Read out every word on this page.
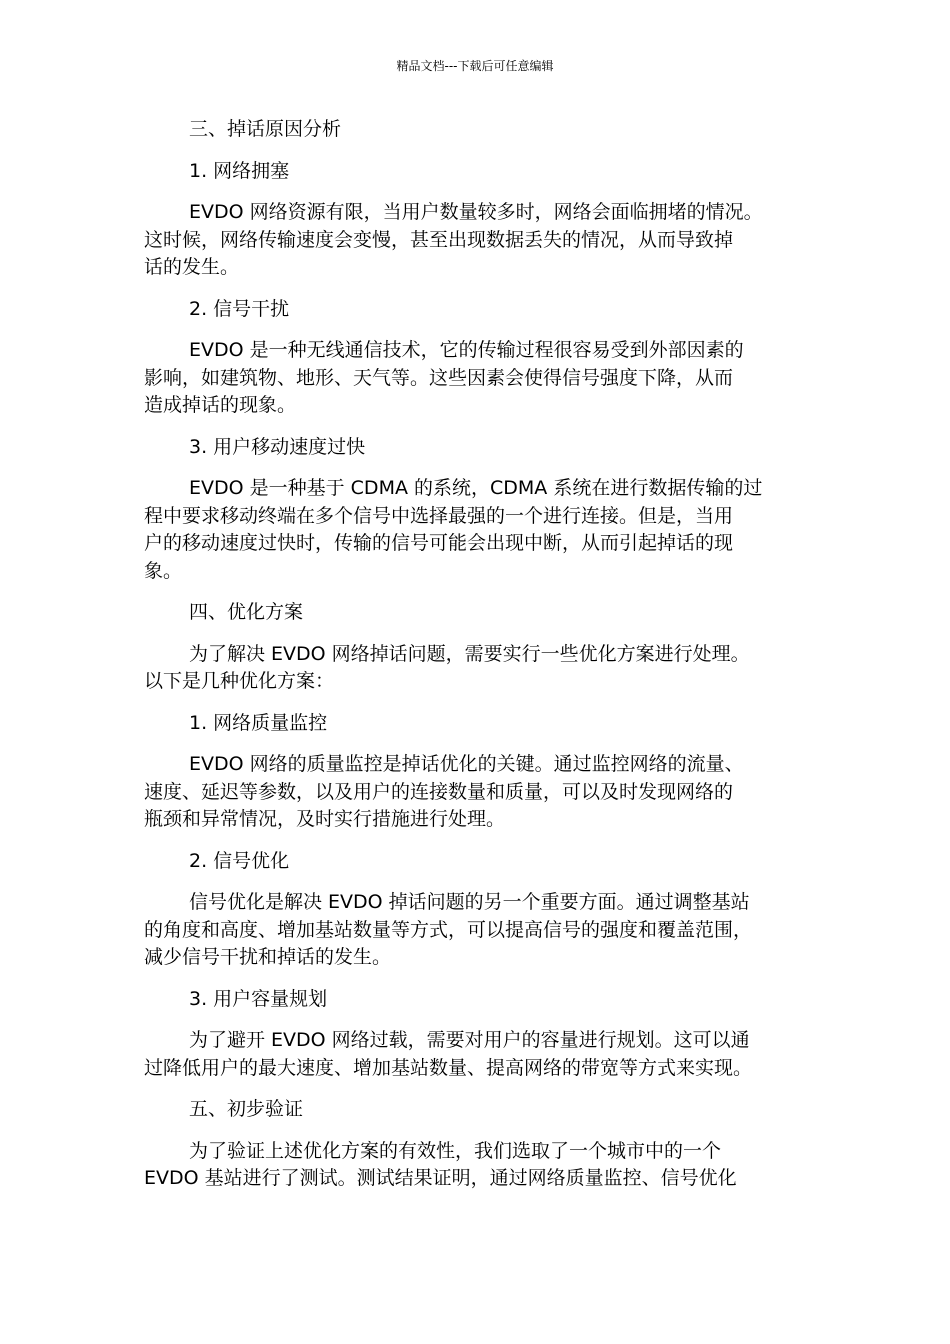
精品文档---下载后可任意编辑

三、掉话原因分析

1. 网络拥塞

EVDO 网络资源有限，当用户数量较多时，网络会面临拥堵的情况。
这时候，网络传输速度会变慢，甚至出现数据丢失的情况，从而导致掉
话的发生。

2. 信号干扰

EVDO 是一种无线通信技术，它的传输过程很容易受到外部因素的
影响，如建筑物、地形、天气等。这些因素会使得信号强度下降，从而
造成掉话的现象。

3. 用户移动速度过快

EVDO 是一种基于 CDMA 的系统，CDMA 系统在进行数据传输的过
程中要求移动终端在多个信号中选择最强的一个进行连接。但是，当用
户的移动速度过快时，传输的信号可能会出现中断，从而引起掉话的现
象。

四、优化方案

为了解决 EVDO 网络掉话问题，需要实行一些优化方案进行处理。
以下是几种优化方案：

1. 网络质量监控

EVDO 网络的质量监控是掉话优化的关键。通过监控网络的流量、
速度、延迟等参数，以及用户的连接数量和质量，可以及时发现网络的
瓶颈和异常情况，及时实行措施进行处理。

2. 信号优化

信号优化是解决 EVDO 掉话问题的另一个重要方面。通过调整基站
的角度和高度、增加基站数量等方式，可以提高信号的强度和覆盖范围，
减少信号干扰和掉话的发生。

3. 用户容量规划

为了避开 EVDO 网络过载，需要对用户的容量进行规划。这可以通
过降低用户的最大速度、增加基站数量、提高网络的带宽等方式来实现。

五、初步验证

为了验证上述优化方案的有效性，我们选取了一个城市中的一个
EVDO 基站进行了测试。测试结果证明，通过网络质量监控、信号优化
